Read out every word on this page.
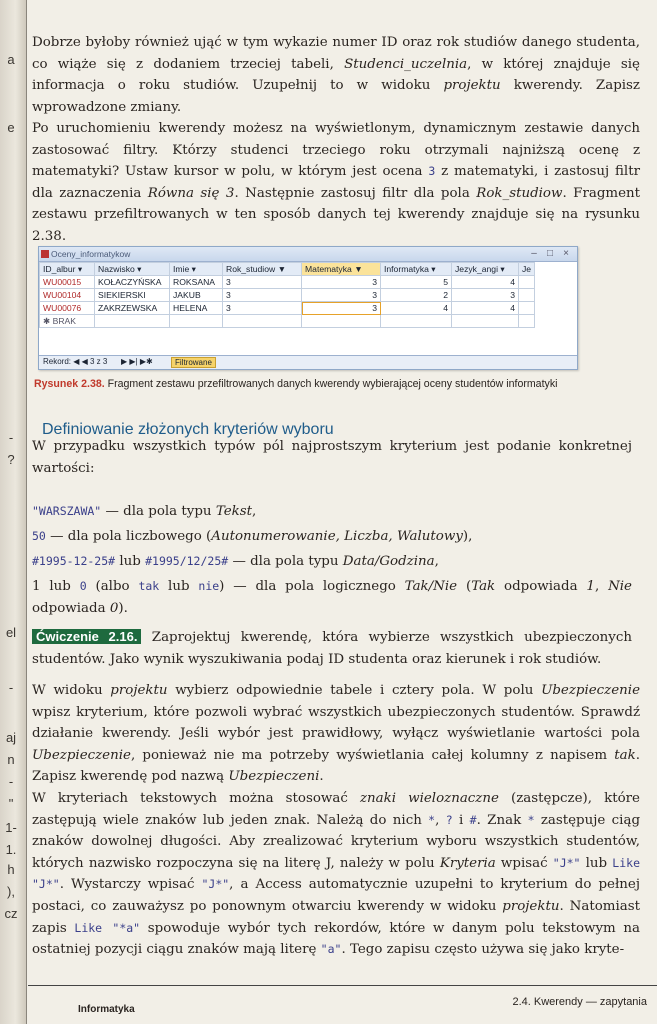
a
e
-
?
el
-
aj
n
-
"
1-
1.
h
),
cz

Dobrze byłoby również ująć w tym wykazie numer ID oraz rok studiów danego studenta, co wiąże się z dodaniem trzeciej tabeli, Studenci_uczelnia, w której znajduje się informacja o roku studiów. Uzupełnij to w widoku projektu kwerendy. Zapisz wprowadzone zmiany.

Po uruchomieniu kwerendy możesz na wyświetlonym, dynamicznym zestawie danych zastosować filtry. Którzy studenci trzeciego roku otrzymali najniższą ocenę z matematyki? Ustaw kursor w polu, w którym jest ocena 3 z matematyki, i zastosuj filtr dla zaznaczenia Równa się 3. Następnie zastosuj filtr dla pola Rok_studiow. Fragment zestawu przefiltrowanych w ten sposób danych tej kwerendy znajduje się na rysunku 2.38.

Oceny_informatykow	–	□	×
ID_albur ▾	Nazwisko ▾	Imie ▾	Rok_studiow ▼	Matematyka ▼	Informatyka ▾	Jezyk_angi ▾	Je
WU00015	KOŁACZYŃSKA	ROKSANA	3	3	5	4	
WU00104	SIEKIERSKI	JAKUB	3	3	2	3	
WU00076	ZAKRZEWSKA	HELENA	3	3	4	4	
✱ BRAK							
Rekord: ◀ ◀ 3 z 3 ▶ ▶| ▶✱	Filtrowane
Rysunek 2.38. Fragment zestawu przefiltrowanych danych kwerendy wybierającej oceny studentów informatyki
Definiowanie złożonych kryteriów wyboru

W przypadku wszystkich typów pól najprostszym kryterium jest podanie konkretnej wartości:

"WARSZAWA" — dla pola typu Tekst,
50 — dla pola liczbowego (Autonumerowanie, Liczba, Walutowy),
#1995-12-25# lub #1995/12/25# — dla pola typu Data/Godzina,

1 lub 0 (albo tak lub nie) — dla pola logicznego Tak/Nie (Tak odpowiada 1, Nie odpowiada 0).

Ćwiczenie 2.16. Zaprojektuj kwerendę, która wybierze wszystkich ubezpieczonych studentów. Jako wynik wyszukiwania podaj ID studenta oraz kierunek i rok studiów.

W widoku projektu wybierz odpowiednie tabele i cztery pola. W polu Ubezpieczenie wpisz kryterium, które pozwoli wybrać wszystkich ubezpieczonych studentów. Sprawdź działanie kwerendy. Jeśli wybór jest prawidłowy, wyłącz wyświetlanie wartości pola Ubezpieczenie, ponieważ nie ma potrzeby wyświetlania całej kolumny z napisem tak. Zapisz kwerendę pod nazwą Ubezpieczeni.

W kryteriach tekstowych można stosować znaki wieloznaczne (zastępcze), które zastępują wiele znaków lub jeden znak. Należą do nich *, ? i #. Znak * zastępuje ciąg znaków dowolnej długości. Aby zrealizować kryterium wyboru wszystkich studentów, których nazwisko rozpoczyna się na literę J, należy w polu Kryteria wpisać "J*" lub Like "J*". Wystarczy wpisać "J*", a Access automatycznie uzupełni to kryterium do pełnej postaci, co zauważysz po ponownym otwarciu kwerendy w widoku projektu. Natomiast zapis Like "*a" spowoduje wybór tych rekordów, które w danym polu tekstowym na ostatniej pozycji ciągu znaków mają literę "a". Tego zapisu często używa się jako kryte-

Informatyka
2.4. Kwerendy — zapytania
